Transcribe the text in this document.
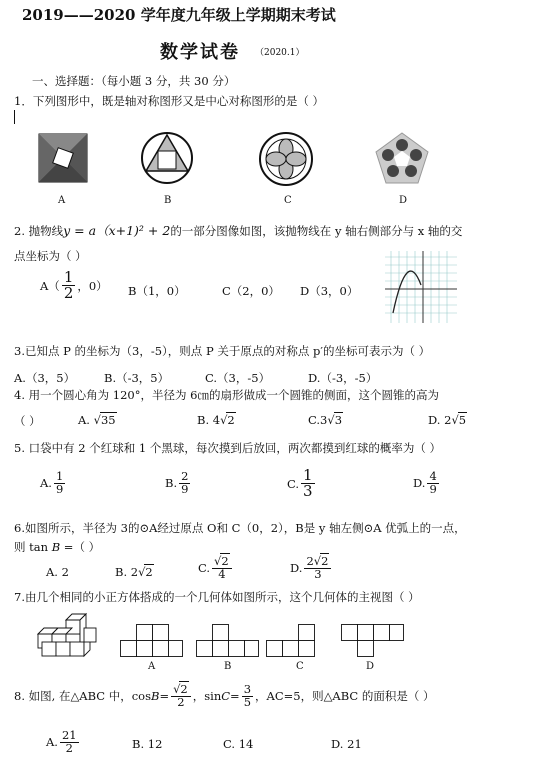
2019——2020 学年度九年级上学期期末考试
数学试卷 （2020.1）
一、选择题：（每小题 3 分，共 30 分）
1．下列图形中，既是轴对称图形又是中心对称图形的是（ ）
A	B	C	D
2. 抛物线y = a（x+1)² + 2的一部分图像如图，该抛物线在 y 轴右侧部分与 x 轴的交
点坐标为（ ）
$A( \frac{1}{2}$ ，0） B（1，0）	C（2，0） D（3，0）
3.已知点 P 的坐标为（3，-5），则点 P 关于原点的对称点 p′的坐标可表示为（ ）
A.（3，5）	B.（-3，5）	C.（3，-5）	D.（-3，-5）
4. 用一个圆心角为 120°，半径为 6㎝的扇形做成一个圆锥的侧面，这个圆锥的高为
（ ）	A. √35	B. 4√2	C.3√3	D. 2√5
5. 口袋中有 2 个红球和 1 个黑球，每次摸到后放回，两次都摸到红球的概率为（ ）
A. $\frac{1}{9}$	B. $\frac{2}{9}$	C. $\frac{1}{3}$	D. $\frac{4}{9}$
6.如图所示，半径为 3的⊙A经过原点 O和 C（0，2），B是 y 轴左侧⊙A 优弧上的一点，
则 tan B =（ ）
A. 2	B. 2√2	C. $\frac{√2}{4}$	D. $\frac{2√2}{3}$
7.由几个相同的小正方体搭成的一个几何体如图所示，这个几何体的主视图（ ）
A	B	C	D
8. 如图, 在△ABC 中，$\cos B = \frac{√2}{2}$ ，$\sin C = \frac{3}{5}$ ，AC=5，则△ABC 的面积是（ ）
A. $\frac{21}{2}$	B. 12	C. 14	D. 21
